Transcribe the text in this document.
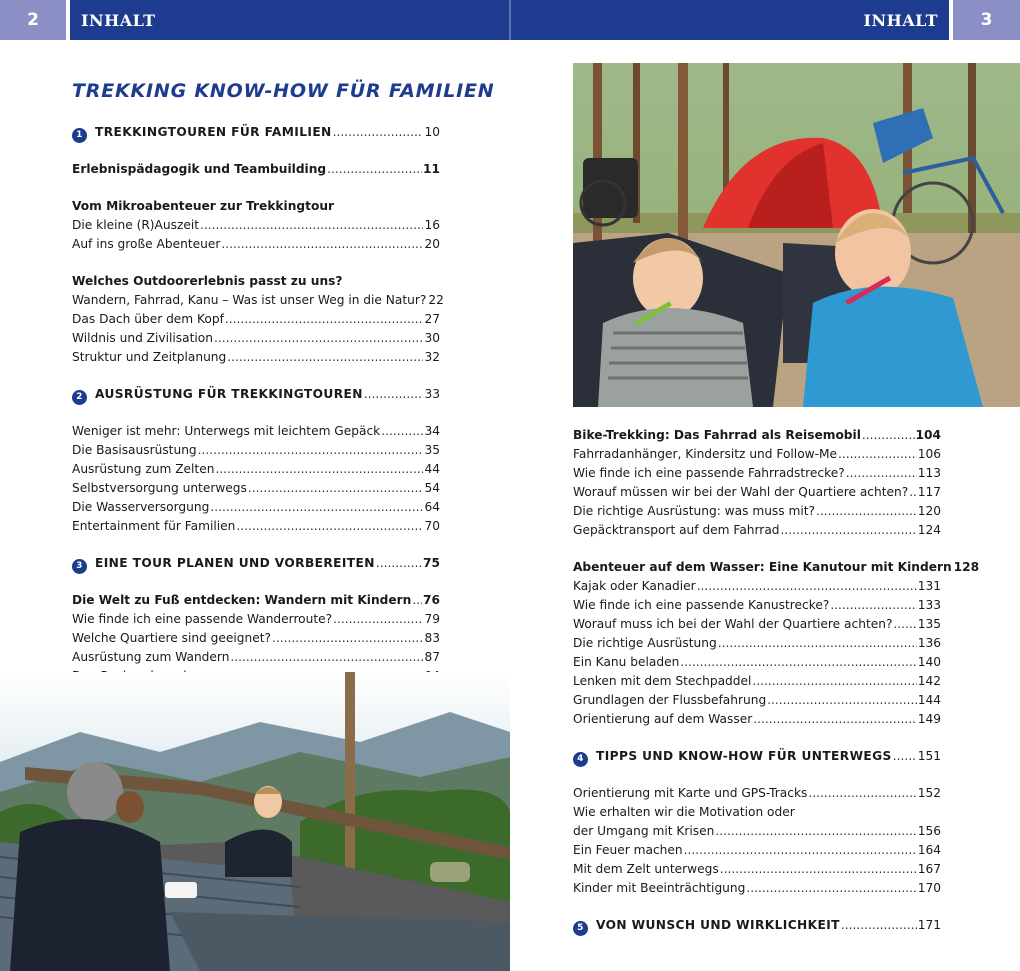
2	INHALT	INHALT	3
TREKKING KNOW-HOW FÜR FAMILIEN
1 TREKKINGTOUREN FÜR FAMILIEN .....	10
Erlebnispädagogik und Teambuilding .....	11
Vom Mikroabenteuer zur Trekkingtour
Die kleine (R)Auszeit .....	16
Auf ins große Abenteuer .....	20
Welches Outdoorerlebnis passt zu uns?
Wandern, Fahrrad, Kanu – Was ist unser Weg in die Natur? 22
Das Dach über dem Kopf .....	27
Wildnis und Zivilisation .....	30
Struktur und Zeitplanung .....	32
2 AUSRÜSTUNG FÜR TREKKINGTOUREN .....	33
Weniger ist mehr: Unterwegs mit leichtem Gepäck .....	34
Die Basisausrüstung .....	35
Ausrüstung zum Zelten .....	44
Selbstversorgung unterwegs .....	54
Die Wasserversorgung .....	64
Entertainment für Familien .....	70
3 EINE TOUR PLANEN UND VORBEREITEN .....	75
Die Welt zu Fuß entdecken: Wandern mit Kindern ..... 76
Wie finde ich eine passende Wanderroute? .....	79
Welche Quartiere sind geeignet? .....	83
Ausrüstung zum Wandern .....	87
.....
.....
Bike-Trekking: Das Fahrrad als Reisemobil .....	104
Fahrradanhänger, Kindersitz und Follow-Me .....	106
Wie finde ich eine passende Fahrradstrecke? .....	113
Worauf müssen wir bei der Wahl der Quartiere achten? ..... 117
Die richtige Ausrüstung: was muss mit? .....	120
Gepäcktransport auf dem Fahrrad .....	124
Abenteuer auf dem Wasser: Eine Kanutour mit Kindern 128
Kajak oder Kanadier .....	131
Wie finde ich eine passende Kanustrecke? .....	133
Worauf muss ich bei der Wahl der Quartiere achten? ..... 135
Die richtige Ausrüstung .....	136
Ein Kanu beladen .....	140
Lenken mit dem Stechpaddel .....	142
Grundlagen der Flussbefahrung .....	144
Orientierung auf dem Wasser .....	149
4 TIPPS UND KNOW-HOW FÜR UNTERWEGS ..... 151
Orientierung mit Karte und GPS-Tracks .....	152
Wie erhalten wir die Motivation oder
der Umgang mit Krisen .....	156
Ein Feuer machen .....	164
Mit dem Zelt unterwegs .....	167
Kinder mit Beeinträchtigung .....	170
5 VON WUNSCH UND WIRKLICHKEIT .....	171
